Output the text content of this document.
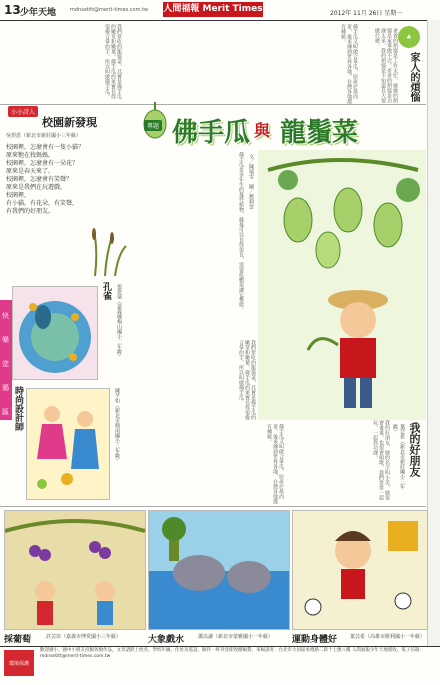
13 少年天地	mdnsetitt@merit-times.com.tw 人間福報 Merit Times	2012年 11月 26日 星期一
我們常吃的龍鬚菜，其實是佛手瓜的嫩莖和嫩葉。佛手瓜的果實長得很像合掌的手，所以叫做佛手瓜。	佛手瓜又叫做合掌瓜，原產於墨西哥，後來傳到世界各地，台灣各地都有種植。	♣
家人的煩惱
爸爸的煩惱是工作太忙，媽媽的煩惱是家事做不完，哥哥的煩惱是功課太多，我的煩惱是不知道長大要做什麼。
小小詩人
校園新發現
吳煜恩（新北市新莊國小三年級）
校園裡，怎麼會有一隻小貓？
原來牠在找媽媽。
校園裡，怎麼會有一朵花？
原來是春天來了。
校園裡，怎麼會有笑聲？
原來是我們在玩遊戲。
校園裡，
有小貓，有花朵，有笑聲，
有我們的好朋友。
專題 佛手瓜 與 龍鬚菜
佛手瓜是多年生的蔓性植物，藤蔓可以長得很長，需要搭棚架讓它攀爬。 文／陳瑞雪　圖／舊莉雲
我們常吃的龍鬚菜，其實是佛手瓜的嫩莖和嫩葉。佛手瓜的果實長得很像合掌的手，所以叫做佛手瓜。
孔雀	張恩瑞（嘉義縣梅山國小二年級）
快
樂
塗
鴉
區 時尚設計師	陳芊如（新北市興南國小三年級）	佛手瓜又叫做合掌瓜，原產於墨西哥，後來傳到世界各地，台灣各地都有種植。	我的好朋友，她的名字叫小美，她很會畫畫，也很會唱歌，我們常常一起玩，一起寫功課。	葉芸希（新北市新莊國小三年級） 我的好朋友
採葡萄	許芸瑄（嘉義市博愛國小三年級）	大象戲水	蕭以讓（新北市蒙雅國小一年級） 運動身體好	葉芸希（高雄市勝利國小一年級）
環境保護
歡迎國小、國中小朋友投稿各類作品，文章請附上姓名、學校年級、住址及電話，稿件一經刊登即致贈稿費。來稿請寄：台北市大同區承德路二段十七號八樓 人間福報少年天地版收。電子信箱：mdnsetitt@merit-times.com.tw
